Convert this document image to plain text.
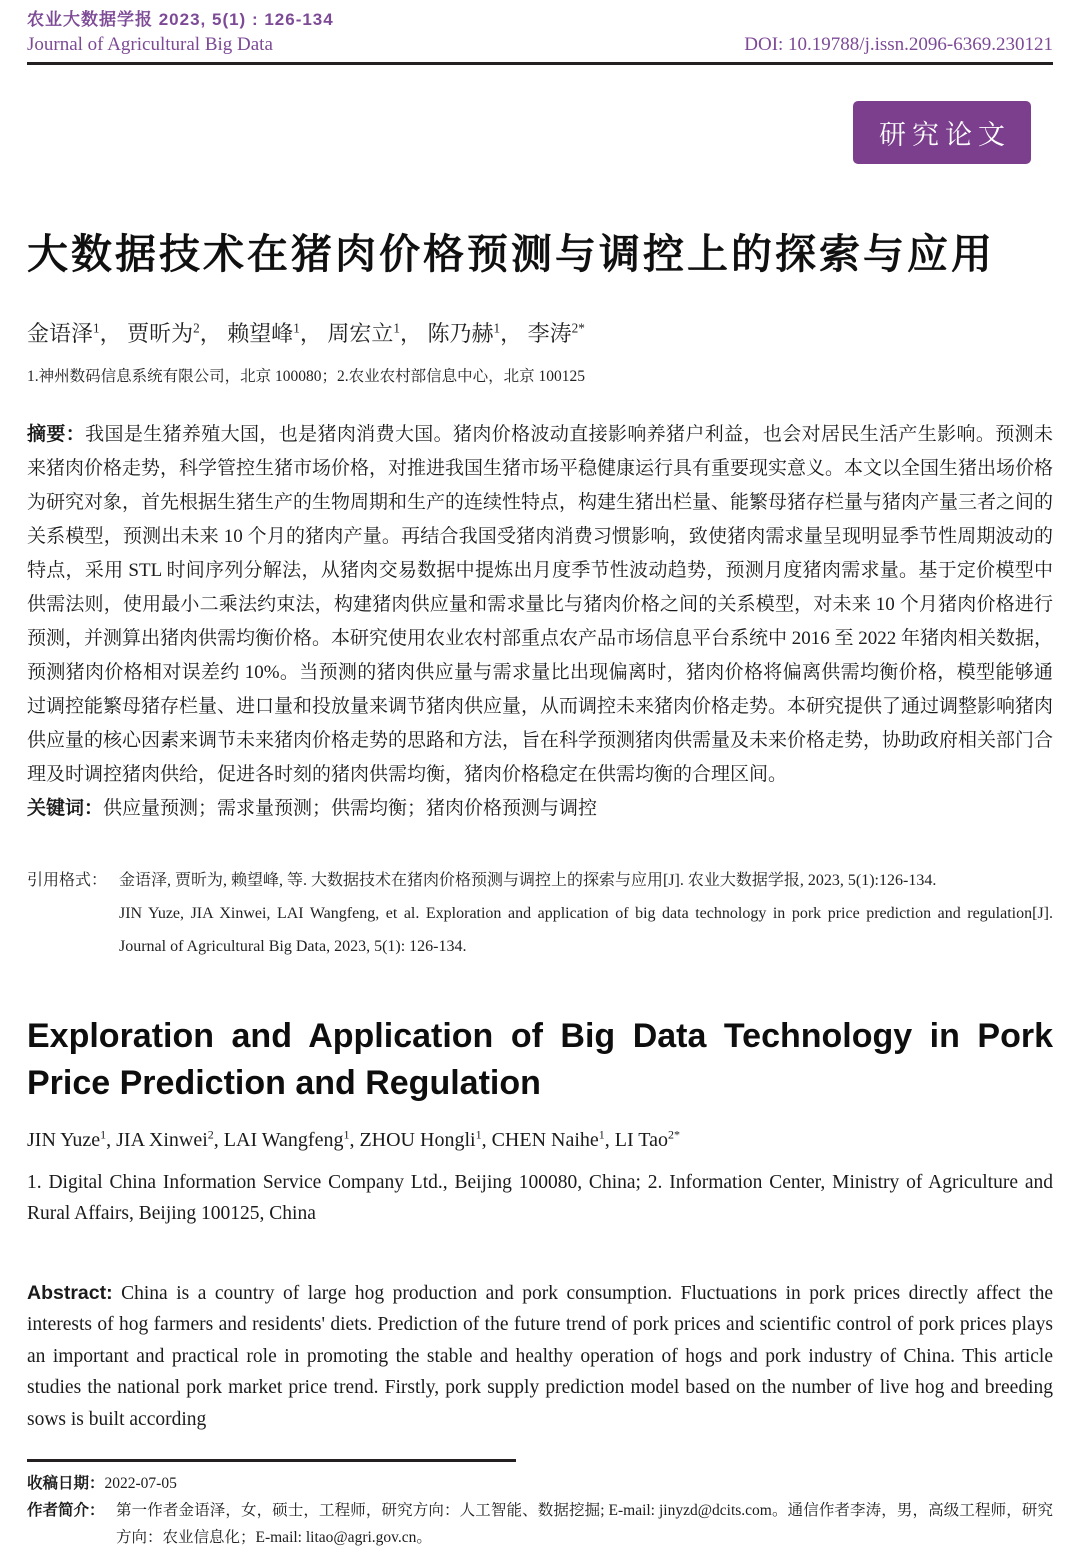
农业大数据学报 2023, 5(1) : 126-134
Journal of Agricultural Big Data	DOI: 10.19788/j.issn.2096-6369.230121
研究论文
大数据技术在猪肉价格预测与调控上的探索与应用
金语泽$^1$， 贾昕为$^2$， 赖望峰$^1$， 周宏立$^1$， 陈乃赫$^1$， 李涛$^{2*}$
1.神州数码信息系统有限公司，北京 100080；2.农业农村部信息中心，北京 100125

摘要：我国是生猪养殖大国，也是猪肉消费大国。猪肉价格波动直接影响养猪户利益，也会对居民生活产生影响。预测未来猪肉价格走势，科学管控生猪市场价格，对推进我国生猪市场平稳健康运行具有重要现实意义。本文以全国生猪出场价格为研究对象，首先根据生猪生产的生物周期和生产的连续性特点，构建生猪出栏量、能繁母猪存栏量与猪肉产量三者之间的关系模型，预测出未来 10 个月的猪肉产量。再结合我国受猪肉消费习惯影响，致使猪肉需求量呈现明显季节性周期波动的特点，采用 STL 时间序列分解法，从猪肉交易数据中提炼出月度季节性波动趋势，预测月度猪肉需求量。基于定价模型中供需法则，使用最小二乘法约束法，构建猪肉供应量和需求量比与猪肉价格之间的关系模型，对未来 10 个月猪肉价格进行预测，并测算出猪肉供需均衡价格。本研究使用农业农村部重点农产品市场信息平台系统中 2016 至 2022 年猪肉相关数据，预测猪肉价格相对误差约 10%。当预测的猪肉供应量与需求量比出现偏离时，猪肉价格将偏离供需均衡价格，模型能够通过调控能繁母猪存栏量、进口量和投放量来调节猪肉供应量，从而调控未来猪肉价格走势。本研究提供了通过调整影响猪肉供应量的核心因素来调节未来猪肉价格走势的思路和方法，旨在科学预测猪肉供需量及未来价格走势，协助政府相关部门合理及时调控猪肉供给，促进各时刻的猪肉供需均衡，猪肉价格稳定在供需均衡的合理区间。

关键词：供应量预测；需求量预测；供需均衡；猪肉价格预测与调控

引用格式： 金语泽, 贾昕为, 赖望峰, 等. 大数据技术在猪肉价格预测与调控上的探索与应用[J]. 农业大数据学报, 2023, 5(1):126-134.
JIN Yuze, JIA Xinwei, LAI Wangfeng, et al. Exploration and application of big data technology in pork price prediction and regulation[J]. Journal of Agricultural Big Data, 2023, 5(1): 126-134.
Exploration and Application of Big Data Technology in Pork Price Prediction and Regulation
JIN Yuze$^1$, JIA Xinwei$^2$, LAI Wangfeng$^1$, ZHOU Hongli$^1$, CHEN Naihe$^1$, LI Tao$^{2*}$
1. Digital China Information Service Company Ltd., Beijing 100080, China; 2. Information Center, Ministry of Agriculture and Rural Affairs, Beijing 100125, China

Abstract: China is a country of large hog production and pork consumption. Fluctuations in pork prices directly affect the interests of hog farmers and residents' diets. Prediction of the future trend of pork prices and scientific control of pork prices plays an important and practical role in promoting the stable and healthy operation of hogs and pork industry of China. This article studies the national pork market price trend. Firstly, pork supply prediction model based on the number of live hog and breeding sows is built according

收稿日期：2022-07-05
作者简介： 第一作者金语泽，女，硕士，工程师，研究方向：人工智能、数据挖掘; E-mail: jinyzd@dcits.com。通信作者李涛，男，高级工程师，研究方向：农业信息化；E-mail: litao@agri.gov.cn。
